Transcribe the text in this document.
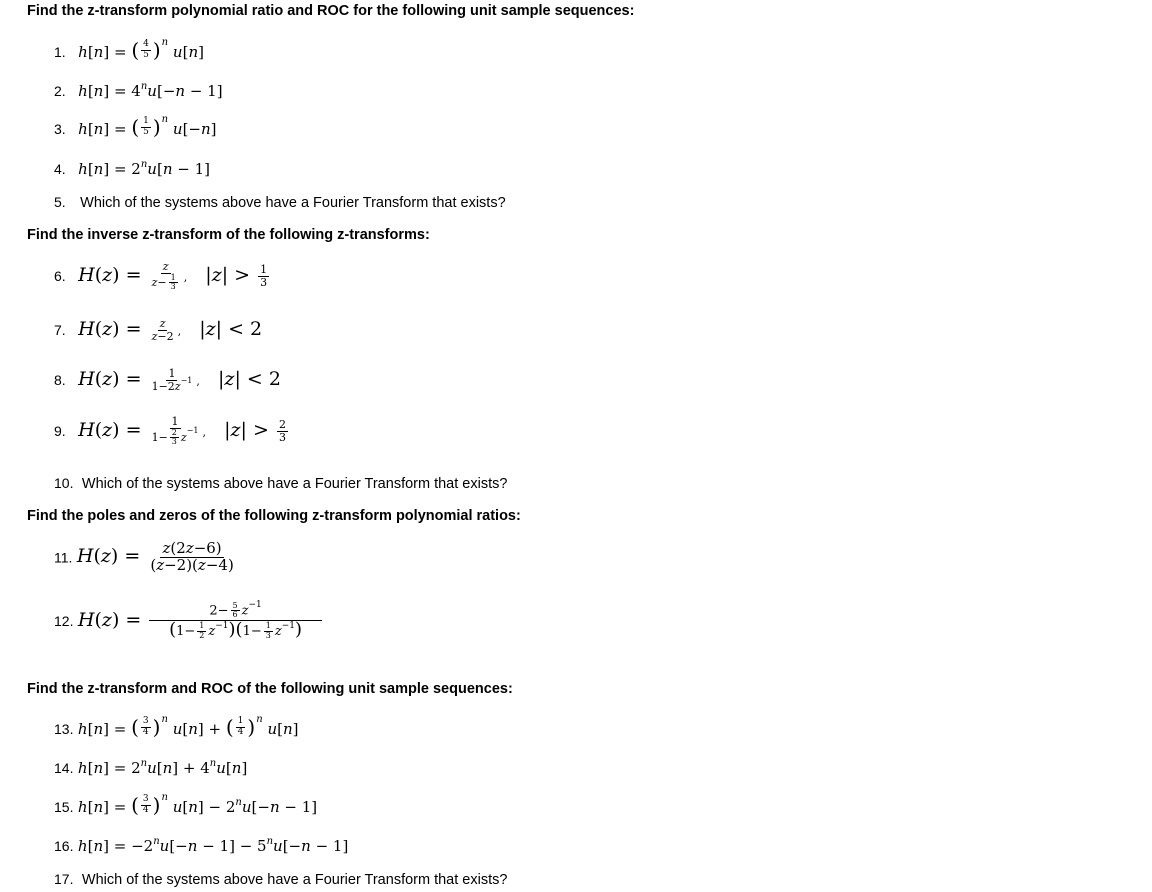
Find the z-transform polynomial ratio and ROC for the following unit sample sequences:
1. h[n] = ( $\frac{4}{5}$ ) $^n$ u[n]
2. $h[n] = 4^nu[-n - 1]$
3. h[n] = ( $\frac{1}{5}$ ) $^n$ u[−n]
4. $h[n] = 2^nu[n - 1]$
5. Which of the systems above have a Fourier Transform that exists?
Find the inverse z-transform of the following z-transforms:
6. $H(z) = \frac{z}{z- \frac{1}{3}}$ ,   $|z| > \frac{1}{3}$
7. $H(z) = \frac{z}{z-2}$ ,   |z| < 2
8. $H(z) = \frac{1}{1-2z^{-1}}$ ,   |z| < 2
9. $H(z) = \frac{1}{1- \frac{2}{3} z^{-1}}$ ,   $|z| > \frac{2}{3}$
10. Which of the systems above have a Fourier Transform that exists?
Find the poles and zeros of the following z-transform polynomial ratios:
11. $H(z) = \frac{z(2z-6)}{(z-2)(z-4)}$
12. $H(z) = \frac{2- \frac{5}{6} z^{-1}}{(1- \frac{1}{2} z^{-1})(1- \frac{1}{3} z^{-1})}$
Find the z-transform and ROC of the following unit sample sequences:
13. h[n] = ( $\frac{3}{4}$ ) $^n$ u[n] + ( $\frac{1}{4}$ ) $^n$ u[n]
14. $h[n] = 2^nu[n] + 4^nu[n]$
15. h[n] = ( $\frac{3}{4}$ ) $^n$ $u[n] - 2^nu[-n - 1]$
16. $h[n] = -2^nu[-n - 1] - 5^nu[-n - 1]$
17. Which of the systems above have a Fourier Transform that exists?
